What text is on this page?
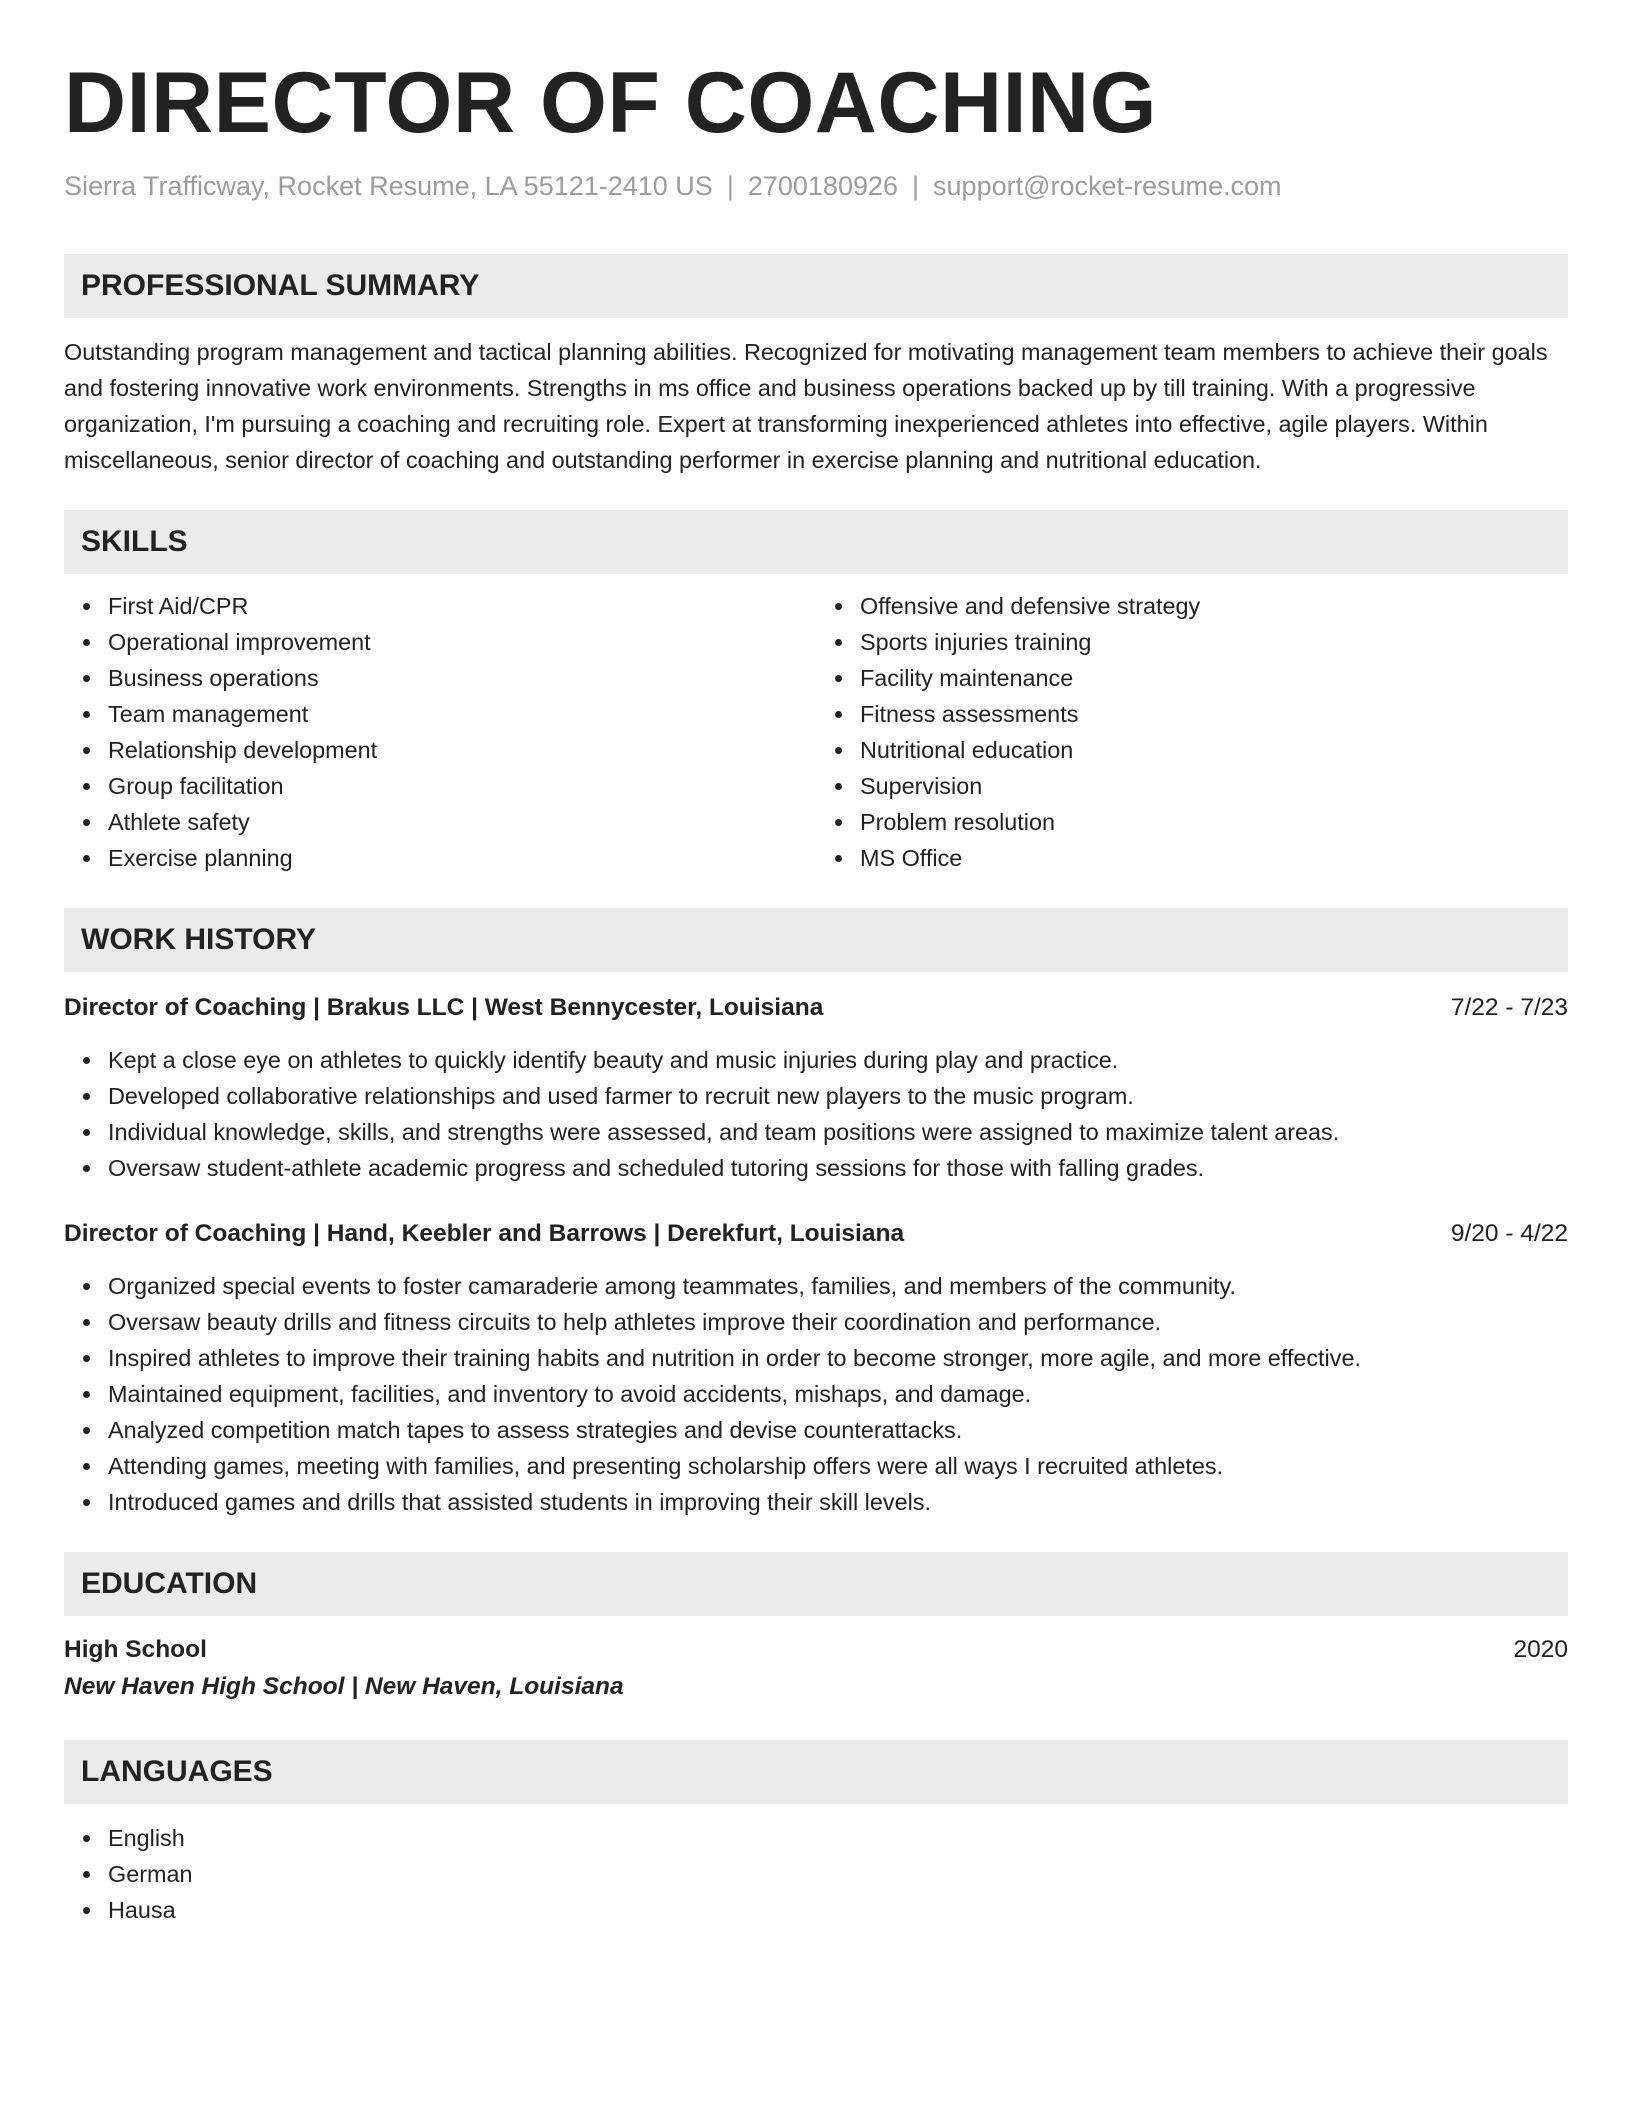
DIRECTOR OF COACHING
Sierra Trafficway, Rocket Resume, LA 55121-2410 US | 2700180926 | support@rocket-resume.com
PROFESSIONAL SUMMARY

Outstanding program management and tactical planning abilities. Recognized for motivating management team members to achieve their goals and fostering innovative work environments. Strengths in ms office and business operations backed up by till training. With a progressive organization, I'm pursuing a coaching and recruiting role. Expert at transforming inexperienced athletes into effective, agile players. Within miscellaneous, senior director of coaching and outstanding performer in exercise planning and nutritional education.

SKILLS
First Aid/CPR
Operational improvement
Business operations
Team management
Relationship development
Group facilitation
Athlete safety
Exercise planning
Offensive and defensive strategy
Sports injuries training
Facility maintenance
Fitness assessments
Nutritional education
Supervision
Problem resolution
MS Office
WORK HISTORY
Director of Coaching | Brakus LLC | West Bennycester, Louisiana	7/22 - 7/23
Kept a close eye on athletes to quickly identify beauty and music injuries during play and practice.
Developed collaborative relationships and used farmer to recruit new players to the music program.
Individual knowledge, skills, and strengths were assessed, and team positions were assigned to maximize talent areas.
Oversaw student-athlete academic progress and scheduled tutoring sessions for those with falling grades.
Director of Coaching | Hand, Keebler and Barrows | Derekfurt, Louisiana	9/20 - 4/22
Organized special events to foster camaraderie among teammates, families, and members of the community.
Oversaw beauty drills and fitness circuits to help athletes improve their coordination and performance.
Inspired athletes to improve their training habits and nutrition in order to become stronger, more agile, and more effective.
Maintained equipment, facilities, and inventory to avoid accidents, mishaps, and damage.
Analyzed competition match tapes to assess strategies and devise counterattacks.
Attending games, meeting with families, and presenting scholarship offers were all ways I recruited athletes.
Introduced games and drills that assisted students in improving their skill levels.
EDUCATION
High School	2020
New Haven High School | New Haven, Louisiana
LANGUAGES
English
German
Hausa
